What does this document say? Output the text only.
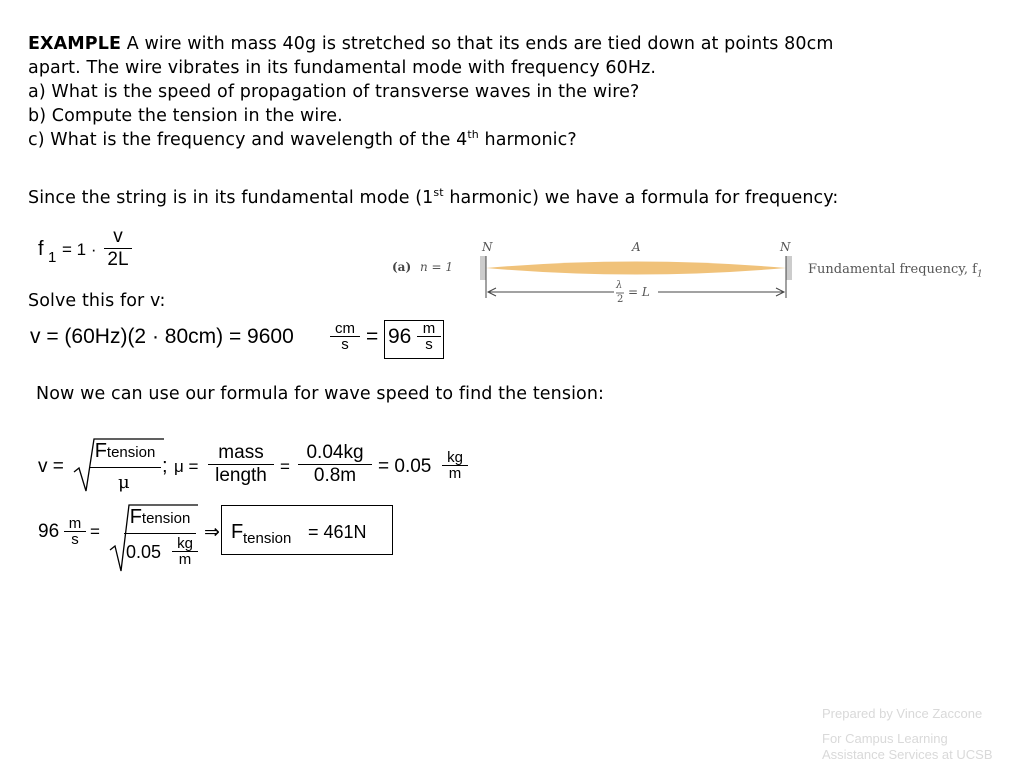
EXAMPLE A wire with mass 40g is stretched so that its ends are tied down at points 80cm
apart. The wire vibrates in its fundamental mode with frequency 60Hz.
a) What is the speed of propagation of transverse waves in the wire?
b) Compute the tension in the wire.
c) What is the frequency and wavelength of the 4th harmonic?
Since the string is in its fundamental mode (1st harmonic) we have a formula for frequency:
f $1 = 1 \cdot \frac{v}{2L}$
Solve this for v:
$v = (60Hz)(2 \cdot 80cm) = 9600 \frac{cm}{s} = 96 \frac{m}{s}$
Now we can use our formula for wave speed to find the tension:
v =
Ftension
μ
; μ =
mass
length = $\frac{0.04kg}{0.8m} = 0.05 \frac{kg}{m}$
$96 \frac{m}{s}$ =
Ftension
$0.05 \frac{kg}{m}$
⇒ F tension = 461N
(a) n = 1
N	A	N
λ
2
= L
Fundamental frequency, $f_1$
Prepared by Vince Zaccone
For Campus Learning
Assistance Services at UCSB
